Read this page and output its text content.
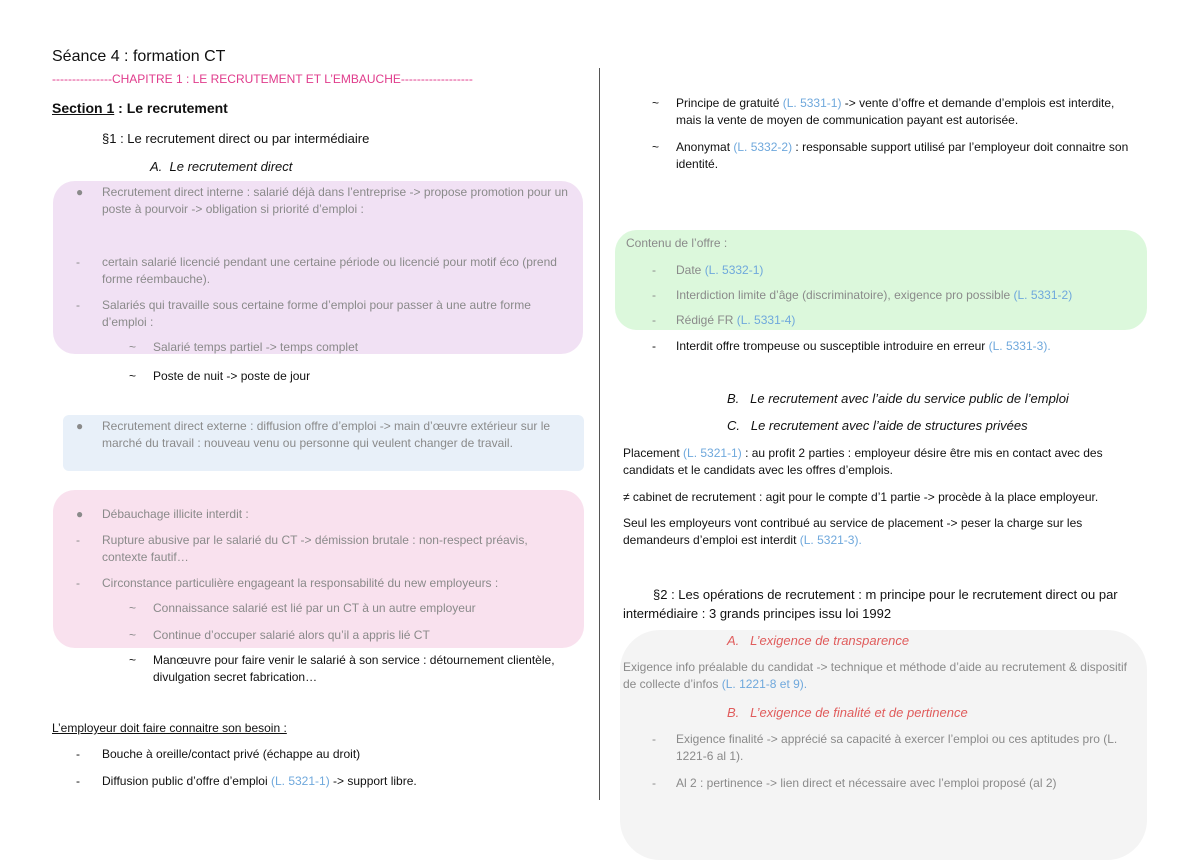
Séance 4 : formation CT
---------------CHAPITRE 1 : LE RECRUTEMENT ET L’EMBAUCHE------------------
Section 1 : Le recrutement
§1 : Le recrutement direct ou par intermédiaire
A. Le recrutement direct
● Recrutement direct interne : salarié déjà dans l’entreprise -> propose promotion pour un poste à pourvoir -> obligation si priorité d’emploi :
- certain salarié licencié pendant une certaine période ou licencié pour motif éco (prend forme réembauche).
- Salariés qui travaille sous certaine forme d’emploi pour passer à une autre forme d’emploi :
~ Salarié temps partiel -> temps complet
~ Poste de nuit -> poste de jour
● Recrutement direct externe : diffusion offre d’emploi -> main d’œuvre extérieur sur le marché du travail : nouveau venu ou personne qui veulent changer de travail.
● Débauchage illicite interdit :
- Rupture abusive par le salarié du CT -> démission brutale : non-respect préavis, contexte fautif…
- Circonstance particulière engageant la responsabilité du new employeurs :
~ Connaissance salarié est lié par un CT à un autre employeur
~ Continue d’occuper salarié alors qu’il a appris lié CT
~ Manœuvre pour faire venir le salarié à son service : détournement clientèle, divulgation secret fabrication…
L’employeur doit faire connaitre son besoin :
- Bouche à oreille/contact privé (échappe au droit)
- Diffusion public d’offre d’emploi (L. 5321-1) -> support libre.
~ Principe de gratuité (L. 5331-1) -> vente d’offre et demande d’emplois est interdite, mais la vente de moyen de communication payant est autorisée.
~ Anonymat (L. 5332-2) : responsable support utilisé par l’employeur doit connaitre son identité.
Contenu de l’offre :
- Date (L. 5332-1)
- Interdiction limite d’âge (discriminatoire), exigence pro possible (L. 5331-2)
- Rédigé FR (L. 5331-4)
- Interdit offre trompeuse ou susceptible introduire en erreur (L. 5331-3).
B. Le recrutement avec l’aide du service public de l’emploi
C. Le recrutement avec l’aide de structures privées
Placement (L. 5321-1) : au profit 2 parties : employeur désire être mis en contact avec des candidats et le candidats avec les offres d’emplois.
≠ cabinet de recrutement : agit pour le compte d’1 partie -> procède à la place employeur.
Seul les employeurs vont contribué au service de placement -> peser la charge sur les demandeurs d’emploi est interdit (L. 5321-3).
§2 : Les opérations de recrutement : m principe pour le recrutement direct ou par intermédiaire : 3 grands principes issu loi 1992
A. L’exigence de transparence
Exigence info préalable du candidat -> technique et méthode d’aide au recrutement & dispositif de collecte d’infos (L. 1221-8 et 9).
B. L’exigence de finalité et de pertinence
- Exigence finalité -> apprécié sa capacité à exercer l’emploi ou ces aptitudes pro (L. 1221-6 al 1).
- Al 2 : pertinence -> lien direct et nécessaire avec l’emploi proposé (al 2)
